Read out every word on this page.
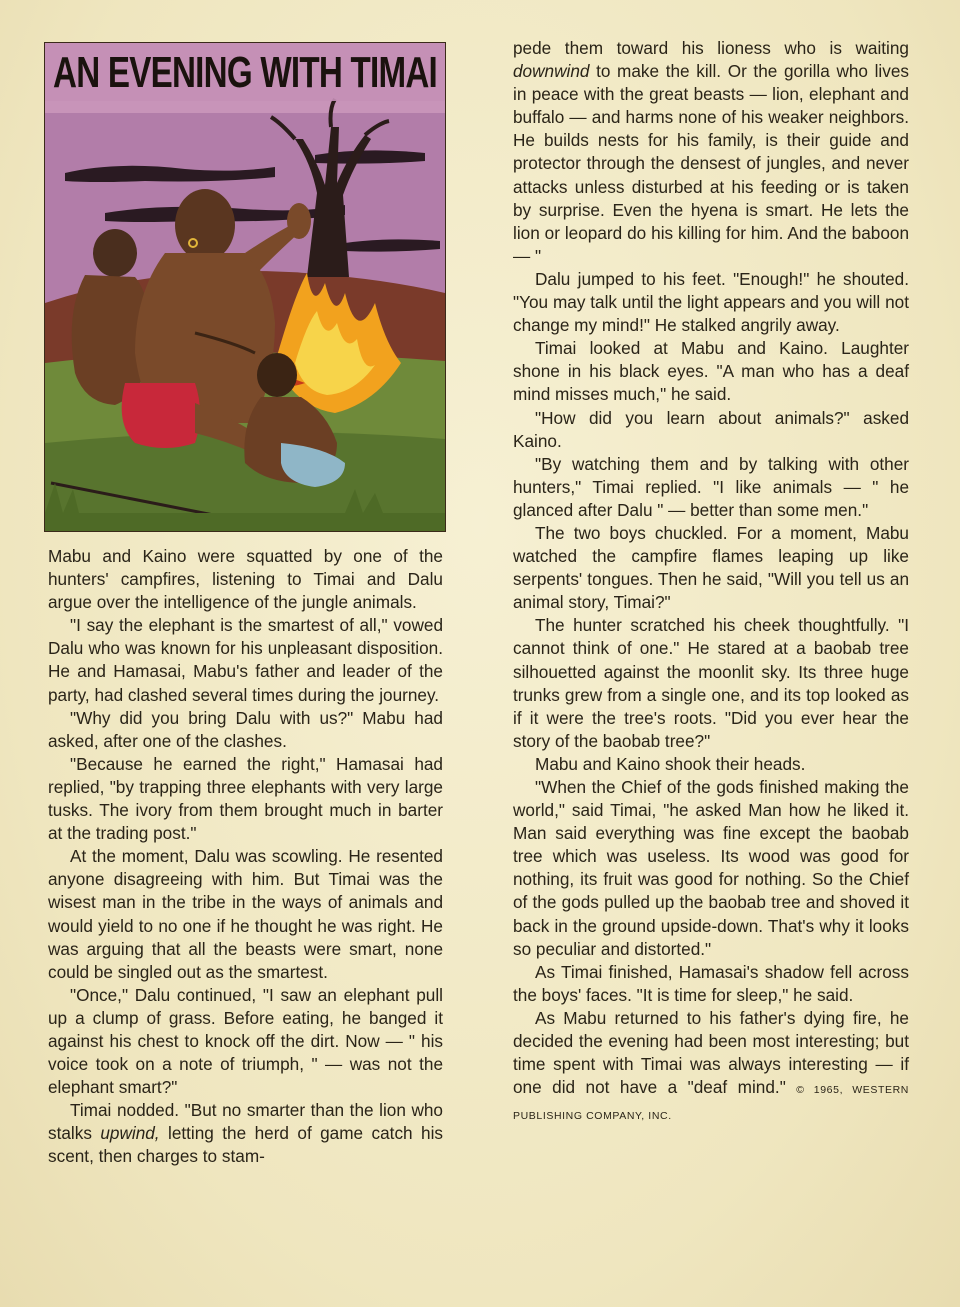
AN EVENING WITH TIMAI

Mabu and Kaino were squatted by one of the hunters' campfires, listening to Timai and Dalu argue over the intelligence of the jungle animals.

"I say the elephant is the smartest of all," vowed Dalu who was known for his unpleasant disposition. He and Hamasai, Mabu's father and leader of the party, had clashed several times during the journey.

"Why did you bring Dalu with us?" Mabu had asked, after one of the clashes.

"Because he earned the right," Hamasai had replied, "by trapping three elephants with very large tusks. The ivory from them brought much in barter at the trading post."

At the moment, Dalu was scowling. He resented anyone disagreeing with him. But Timai was the wisest man in the tribe in the ways of animals and would yield to no one if he thought he was right. He was arguing that all the beasts were smart, none could be singled out as the smartest.

"Once," Dalu continued, "I saw an elephant pull up a clump of grass. Before eating, he banged it against his chest to knock off the dirt. Now — " his voice took on a note of triumph, " — was not the elephant smart?"

Timai nodded. "But no smarter than the lion who stalks upwind, letting the herd of game catch his scent, then charges to stam-

pede them toward his lioness who is waiting downwind to make the kill. Or the gorilla who lives in peace with the great beasts — lion, elephant and buffalo — and harms none of his weaker neighbors. He builds nests for his family, is their guide and protector through the densest of jungles, and never attacks unless disturbed at his feeding or is taken by surprise. Even the hyena is smart. He lets the lion or leopard do his killing for him. And the baboon — "

Dalu jumped to his feet. "Enough!" he shouted. "You may talk until the light appears and you will not change my mind!" He stalked angrily away.

Timai looked at Mabu and Kaino. Laughter shone in his black eyes. "A man who has a deaf mind misses much," he said.

"How did you learn about animals?" asked Kaino.

"By watching them and by talking with other hunters," Timai replied. "I like animals — " he glanced after Dalu " — better than some men."

The two boys chuckled. For a moment, Mabu watched the campfire flames leaping up like serpents' tongues. Then he said, "Will you tell us an animal story, Timai?"

The hunter scratched his cheek thoughtfully. "I cannot think of one." He stared at a baobab tree silhouetted against the moonlit sky. Its three huge trunks grew from a single one, and its top looked as if it were the tree's roots. "Did you ever hear the story of the baobab tree?"

Mabu and Kaino shook their heads.

"When the Chief of the gods finished making the world," said Timai, "he asked Man how he liked it. Man said everything was fine except the baobab tree which was useless. Its wood was good for nothing, its fruit was good for nothing. So the Chief of the gods pulled up the baobab tree and shoved it back in the ground upside-down. That's why it looks so peculiar and distorted."

As Timai finished, Hamasai's shadow fell across the boys' faces. "It is time for sleep," he said.

As Mabu returned to his father's dying fire, he decided the evening had been most interesting; but time spent with Timai was always interesting — if one did not have a "deaf mind." © 1965, WESTERN PUBLISHING COMPANY, INC.
